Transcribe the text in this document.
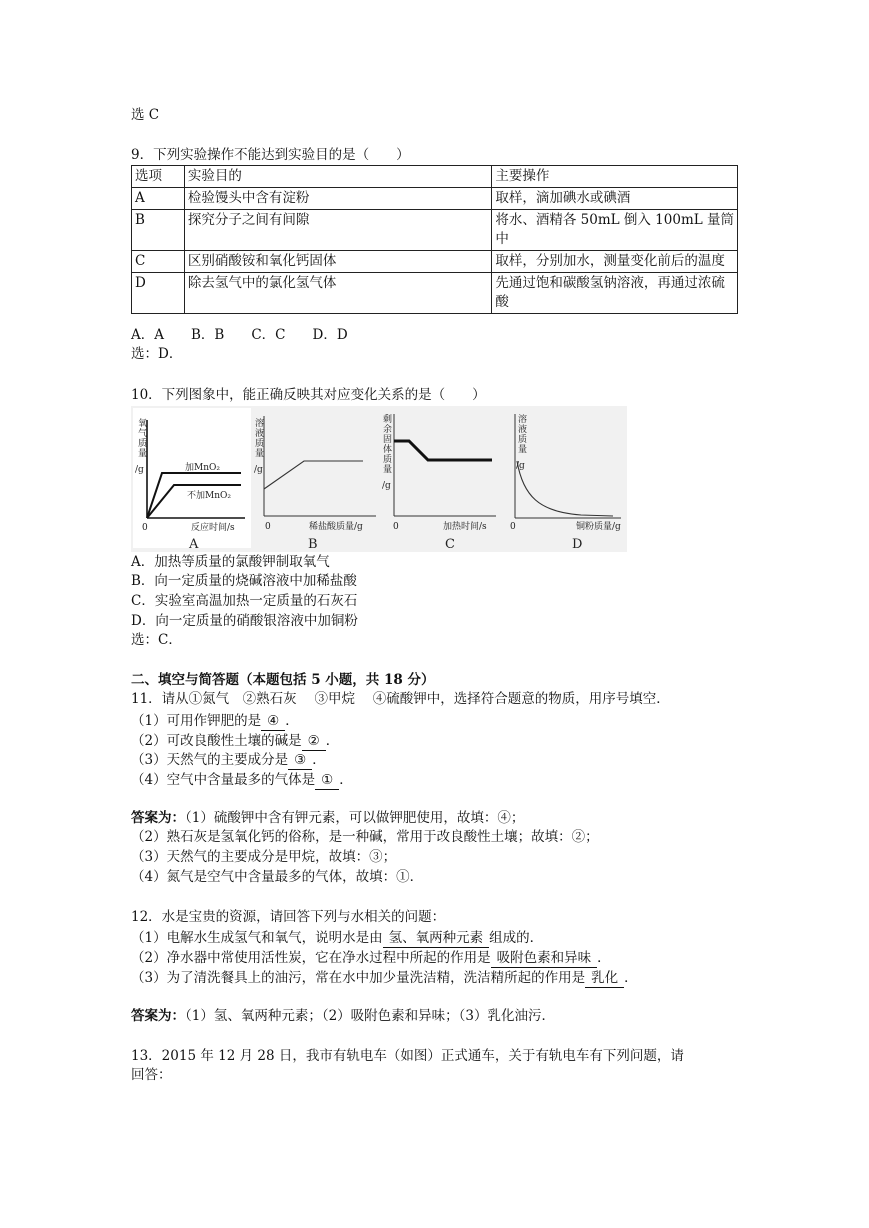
选 C
9．下列实验操作不能达到实验目的是（　　）
选项	实验目的	主要操作
A	检验馒头中含有淀粉	取样，滴加碘水或碘酒
B	探究分子之间有间隙	将水、酒精各 50mL 倒入 100mL 量筒中
C	区别硝酸铵和氧化钙固体	取样，分别加水，测量变化前后的温度
D	除去氢气中的氯化氢气体	先通过饱和碳酸氢钠溶液，再通过浓硫酸
A．A　　B．B　　C．C　　D．D
选：D．
10．下列图象中，能正确反映其对应变化关系的是（　　）
氧
气
质
量
/g	加MnO₂
不加MnO₂
0	反应时间/s
A
溶
液
质
量
/g
0	稀盐酸质量/g
B
剩
余
固
体
质
量
/g
0	加热时间/s
C
溶
液
质
量
/g
0	铜粉质量/g
D
A．加热等质量的氯酸钾制取氧气
B．向一定质量的烧碱溶液中加稀盐酸
C．实验室高温加热一定质量的石灰石
D．向一定质量的硝酸银溶液中加铜粉
选：C．
二、填空与简答题（本题包括 5 小题，共 18 分）
11．请从①氮气　②熟石灰　 ③甲烷　 ④硫酸钾中，选择符合题意的物质，用序号填空．
（1）可用作钾肥的是 ④ ．
（2）可改良酸性土壤的碱是 ② ．
（3）天然气的主要成分是 ③ ．
（4）空气中含量最多的气体是 ① ．
答案为：（1）硫酸钾中含有钾元素，可以做钾肥使用，故填：④；
（2）熟石灰是氢氧化钙的俗称，是一种碱，常用于改良酸性土壤；故填：②；
（3）天然气的主要成分是甲烷，故填：③；
（4）氮气是空气中含量最多的气体，故填：①．
12．水是宝贵的资源，请回答下列与水相关的问题：
（1）电解水生成氢气和氧气，说明水是由 氢、氧两种元素 组成的．
（2）净水器中常使用活性炭，它在净水过程中所起的作用是 吸附色素和异味 ．
（3）为了清洗餐具上的油污，常在水中加少量洗洁精，洗洁精所起的作用是 乳化 ．
答案为：（1）氢、氧两种元素；（2）吸附色素和异味；（3）乳化油污．
13．2015 年 12 月 28 日，我市有轨电车（如图）正式通车，关于有轨电车有下列问题，请
回答：
